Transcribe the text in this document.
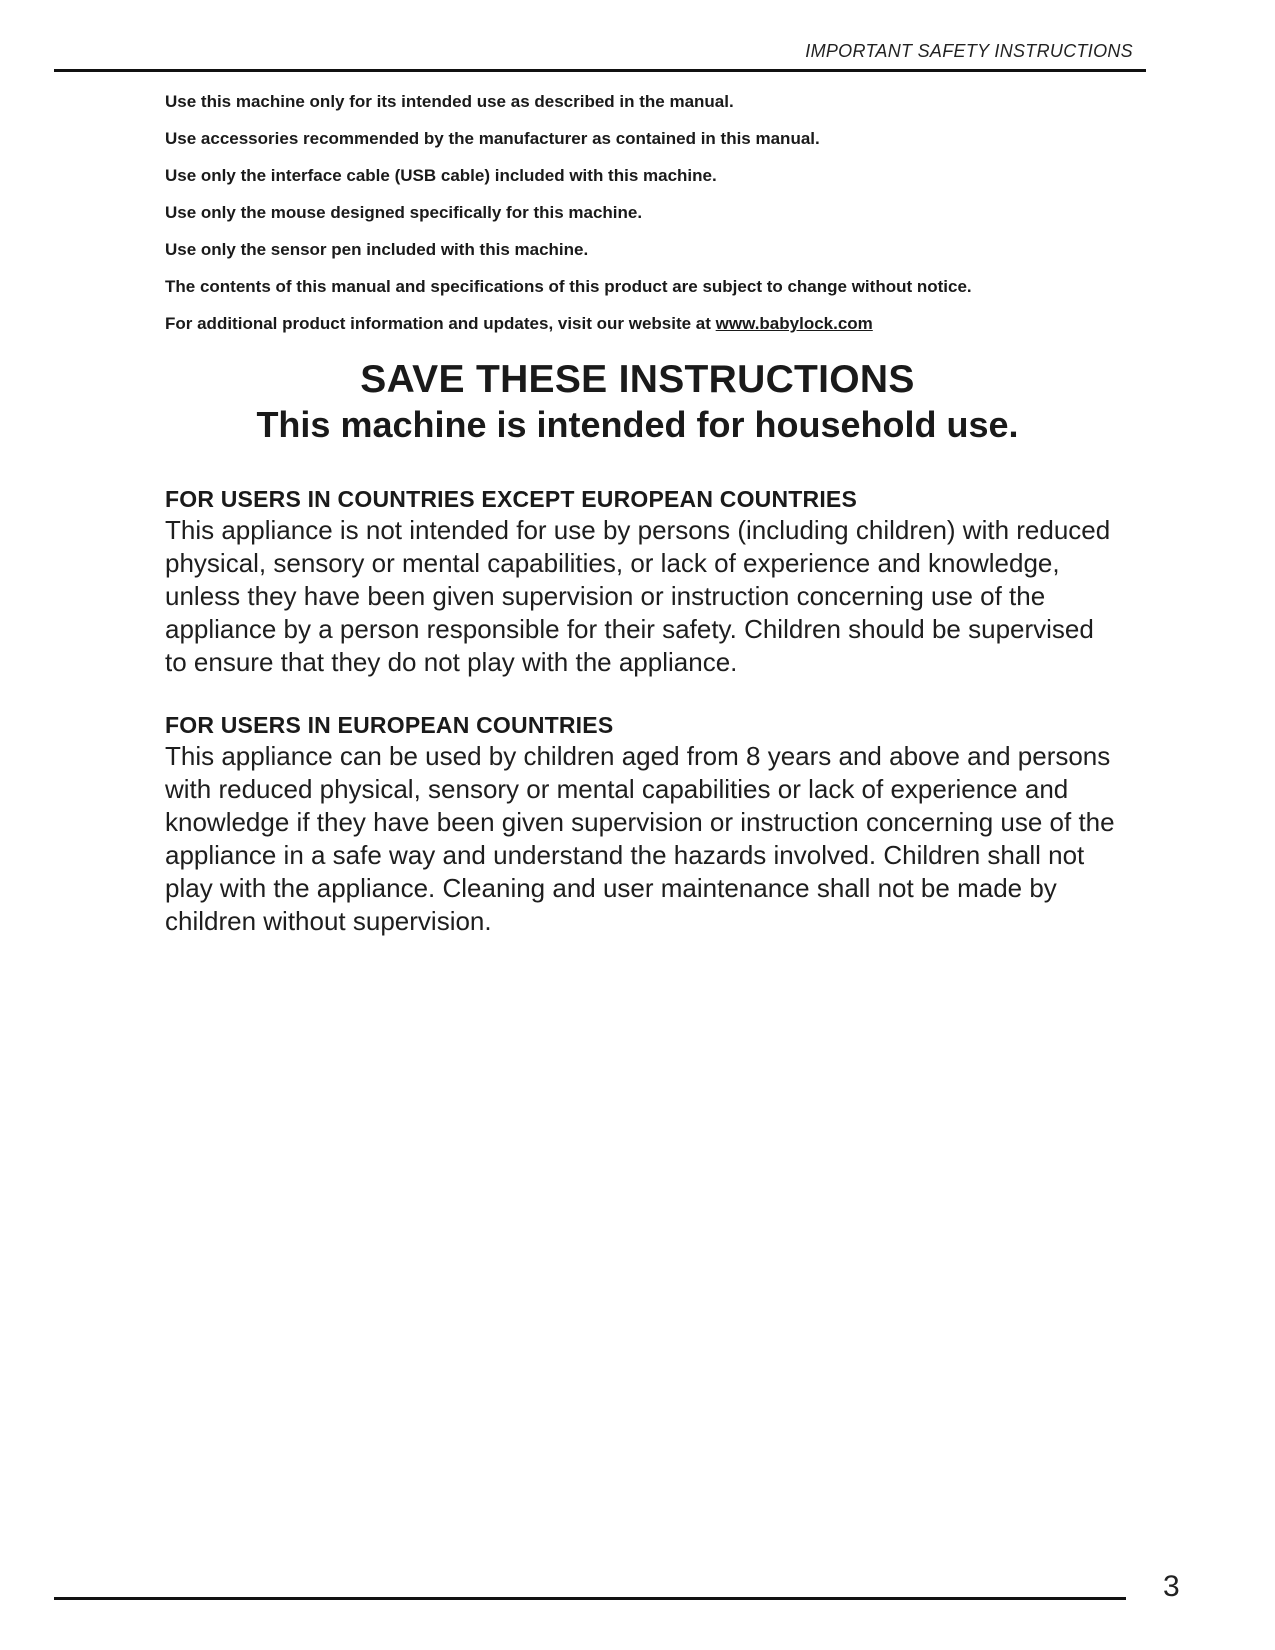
IMPORTANT SAFETY INSTRUCTIONS
Use this machine only for its intended use as described in the manual.
Use accessories recommended by the manufacturer as contained in this manual.
Use only the interface cable (USB cable) included with this machine.
Use only the mouse designed specifically for this machine.
Use only the sensor pen included with this machine.
The contents of this manual and specifications of this product are subject to change without notice.
For additional product information and updates, visit our website at www.babylock.com
SAVE THESE INSTRUCTIONS
This machine is intended for household use.
FOR USERS IN COUNTRIES EXCEPT EUROPEAN COUNTRIES
This appliance is not intended for use by persons (including children) with reduced
physical, sensory or mental capabilities, or lack of experience and knowledge,
unless they have been given supervision or instruction concerning use of the
appliance by a person responsible for their safety. Children should be supervised
to ensure that they do not play with the appliance.
FOR USERS IN EUROPEAN COUNTRIES
This appliance can be used by children aged from 8 years and above and persons
with reduced physical, sensory or mental capabilities or lack of experience and
knowledge if they have been given supervision or instruction concerning use of the
appliance in a safe way and understand the hazards involved. Children shall not
play with the appliance. Cleaning and user maintenance shall not be made by
children without supervision.
3
